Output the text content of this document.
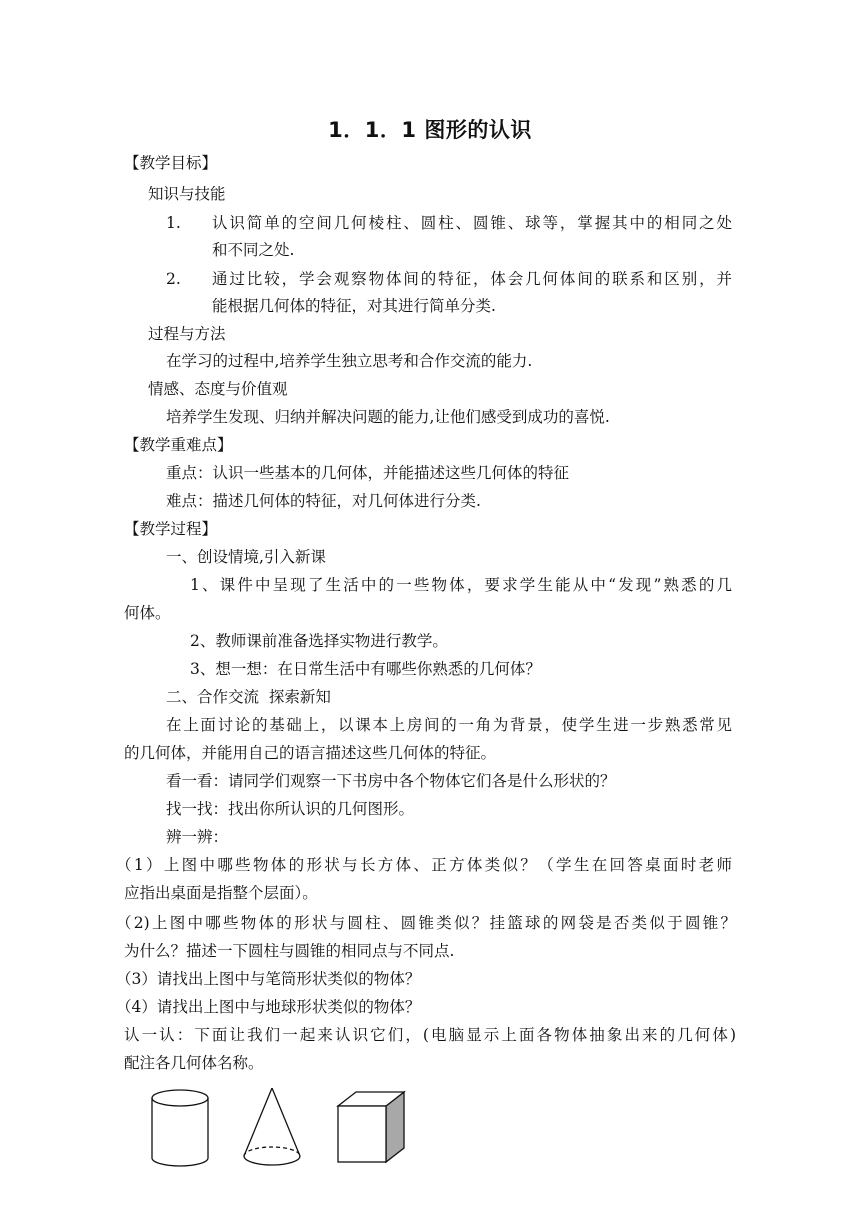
1．1．1 图形的认识
【教学目标】
知识与技能
1. 认识简单的空间几何棱柱、圆柱、圆锥、球等，掌握其中的相同之处
和不同之处.
2. 通过比较，学会观察物体间的特征，体会几何体间的联系和区别，并
能根据几何体的特征，对其进行简单分类.
过程与方法
在学习的过程中,培养学生独立思考和合作交流的能力.
情感、态度与价值观
培养学生发现、归纳并解决问题的能力,让他们感受到成功的喜悦.
【教学重难点】
重点：认识一些基本的几何体，并能描述这些几何体的特征
难点：描述几何体的特征，对几何体进行分类.
【教学过程】
一、创设情境,引入新课
1、课件中呈现了生活中的一些物体，要求学生能从中“发现”熟悉的几
何体。
2、教师课前准备选择实物进行教学。
3、想一想：在日常生活中有哪些你熟悉的几何体？
二、合作交流  探索新知
在上面讨论的基础上，以课本上房间的一角为背景，使学生进一步熟悉常见
的几何体，并能用自己的语言描述这些几何体的特征。
看一看：请同学们观察一下书房中各个物体它们各是什么形状的？
找一找：找出你所认识的几何图形。
辨一辨：
（1）上图中哪些物体的形状与长方体、正方体类似？（学生在回答桌面时老师
应指出桌面是指整个层面）。
（2)上图中哪些物体的形状与圆柱、圆锥类似？挂篮球的网袋是否类似于圆锥？
为什么？描述一下圆柱与圆锥的相同点与不同点.
（3）请找出上图中与笔筒形状类似的物体？
（4）请找出上图中与地球形状类似的物体？
认一认：下面让我们一起来认识它们，(电脑显示上面各物体抽象出来的几何体)
配注各几何体名称。
